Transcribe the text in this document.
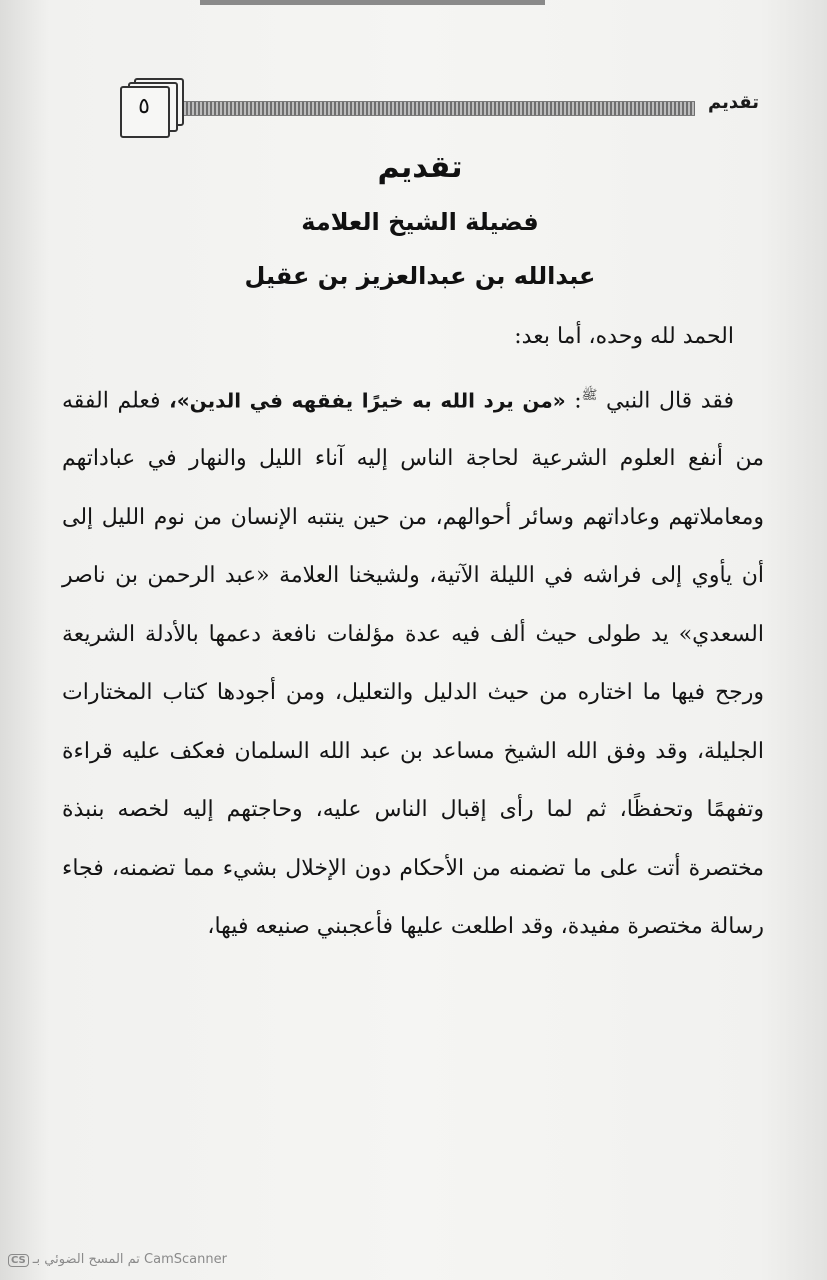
تقديم
٥
تقديم
فضيلة الشيخ العلامة
عبدالله بن عبدالعزيز بن عقيل

الحمد لله وحده، أما بعد:

فقد قال النبي $^ﷺ$: «من يرد الله به خيرًا يفقهه في الدين»، فعلم الفقه من أنفع العلوم الشرعية لحاجة الناس إليه آناء الليل والنهار في عباداتهم ومعاملاتهم وعاداتهم وسائر أحوالهم، من حين ينتبه الإنسان من نوم الليل إلى أن يأوي إلى فراشه في الليلة الآتية، ولشيخنا العلامة «عبد الرحمن بن ناصر السعدي» يد طولى حيث ألف فيه عدة مؤلفات نافعة دعمها بالأدلة الشريعة ورجح فيها ما اختاره من حيث الدليل والتعليل، ومن أجودها كتاب المختارات الجليلة، وقد وفق الله الشيخ مساعد بن عبد الله السلمان فعكف عليه قراءة وتفهمًا وتحفظًا، ثم لما رأى إقبال الناس عليه، وحاجتهم إليه لخصه بنبذة مختصرة أتت على ما تضمنه من الأحكام دون الإخلال بشيء مما تضمنه، فجاء رسالة مختصرة مفيدة، وقد اطلعت عليها فأعجبني صنيعه فيها،

CS تم المسح الضوئي بـ CamScanner
